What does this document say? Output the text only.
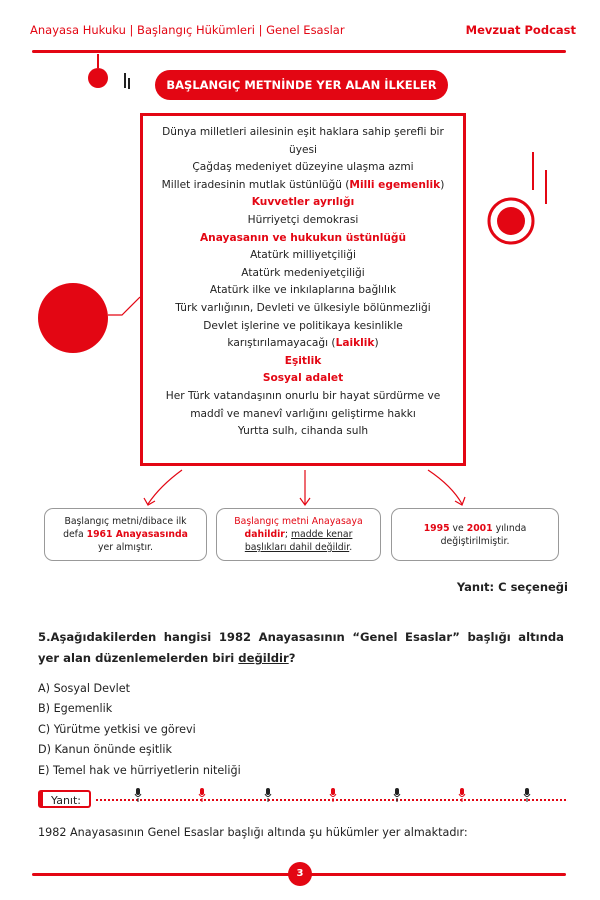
Anayasa Hukuku | Başlangıç Hükümleri | Genel Esaslar	Mevzuat Podcast
BAŞLANGIÇ METNİNDE YER ALAN İLKELER
Dünya milletleri ailesinin eşit haklara sahip şerefli bir
üyesi
Çağdaş medeniyet düzeyine ulaşma azmi
Millet iradesinin mutlak üstünlüğü (Milli egemenlik)
Kuvvetler ayrılığı
Hürriyetçi demokrasi
Anayasanın ve hukukun üstünlüğü
Atatürk milliyetçiliği
Atatürk medeniyetçiliği
Atatürk ilke ve inkılaplarına bağlılık
Türk varlığının, Devleti ve ülkesiyle bölünmezliği
Devlet işlerine ve politikaya kesinlikle
karıştırılamayacağı (Laiklik)
Eşitlik
Sosyal adalet
Her Türk vatandaşının onurlu bir hayat sürdürme ve
maddî ve manevî varlığını geliştirme hakkı
Yurtta sulh, cihanda sulh
Başlangıç metni/dibace ilk
defa 1961 Anayasasında
yer almıştır.
Başlangıç metni Anayasaya
dahildir; madde kenar
başlıkları dahil değildir.
1995 ve 2001 yılında
değiştirilmiştir.
Yanıt: C seçeneği
5.Aşağıdakilerden hangisi 1982 Anayasasının “Genel Esaslar” başlığı altında yer alan düzenlemelerden biri değildir?
A) Sosyal Devlet
B) Egemenlik
C) Yürütme yetkisi ve görevi
D) Kanun önünde eşitlik
E) Temel hak ve hürriyetlerin niteliği
Yanıt:
1982 Anayasasının Genel Esaslar başlığı altında şu hükümler yer almaktadır:
3
